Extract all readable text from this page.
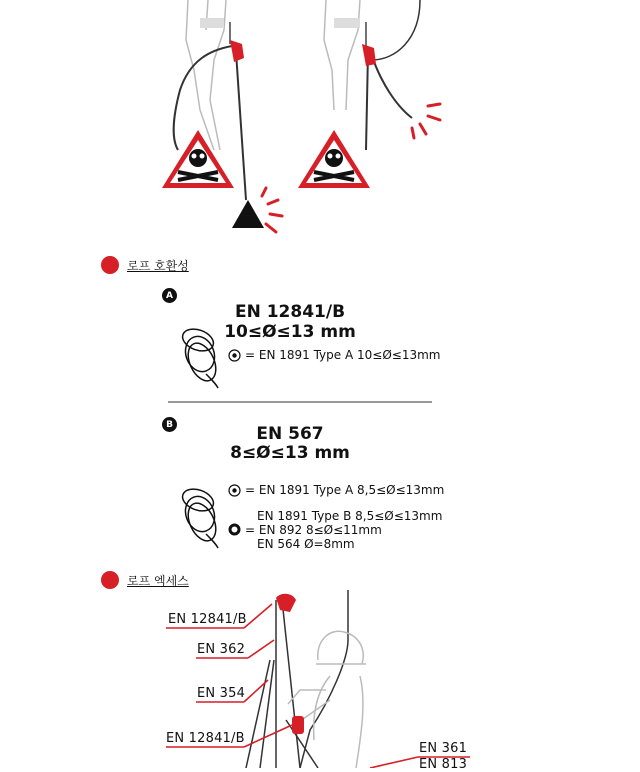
로프 호환성
A
EN 12841/B
10≤Ø≤13 mm
= EN 1891 Type A 10≤Ø≤13mm
B	EN 567
8≤Ø≤13 mm
= EN 1891 Type A 8,5≤Ø≤13mm
EN 1891 Type B 8,5≤Ø≤13mm
= EN 892 8≤Ø≤11mm
EN 564 Ø=8mm
로프 엑세스
EN 12841/B
EN 362
EN 354
EN 12841/B
EN 361
EN 813
